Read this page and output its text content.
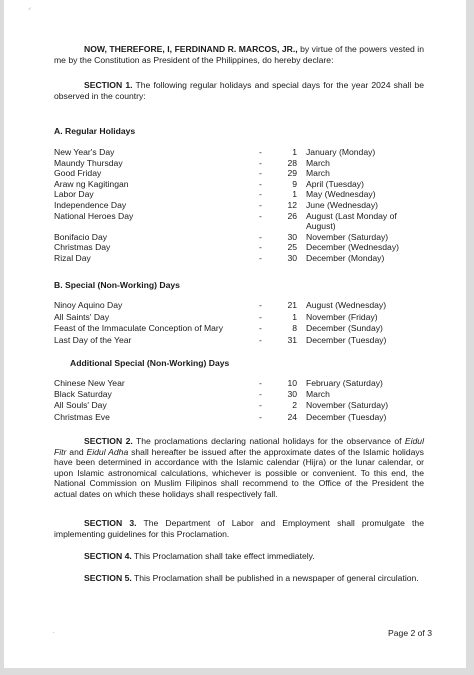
ᐟ
·

NOW, THEREFORE, I, FERDINAND R. MARCOS, JR., by virtue of the powers vested in me by the Constitution as President of the Philippines, do hereby declare:

SECTION 1. The following regular holidays and special days for the year 2024 shall be observed in the country:

A. Regular Holidays
New Year's Day	-	1 January (Monday)
Maundy Thursday	-	28 March
Good Friday	-	29 March
Araw ng Kagitingan	-	9 April (Tuesday)
Labor Day	-	1 May (Wednesday)
Independence Day	-	12 June (Wednesday)
National Heroes Day	-	26 August (Last Monday of
August)
Bonifacio Day	-	30 November (Saturday)
Christmas Day	-	25 December (Wednesday)
Rizal Day	-	30 December (Monday)
B. Special (Non-Working) Days
Ninoy Aquino Day	-	21 August (Wednesday)
All Saints' Day	-	1 November (Friday)
Feast of the Immaculate Conception of Mary	-	8 December (Sunday)
Last Day of the Year	-	31 December (Tuesday)
Additional Special (Non-Working) Days
Chinese New Year	-	10 February (Saturday)
Black Saturday	-	30 March
All Souls' Day	-	2 November (Saturday)
Christmas Eve	-	24 December (Tuesday)

SECTION 2. The proclamations declaring national holidays for the observance of Eidul Fitr and Eidul Adha shall hereafter be issued after the approximate dates of the Islamic holidays have been determined in accordance with the Islamic calendar (Hijra) or the lunar calendar, or upon Islamic astronomical calculations, whichever is possible or convenient. To this end, the National Commission on Muslim Filipinos shall recommend to the Office of the President the actual dates on which these holidays shall respectively fall.

SECTION 3. The Department of Labor and Employment shall promulgate the implementing guidelines for this Proclamation.

SECTION 4. This Proclamation shall take effect immediately.

SECTION 5. This Proclamation shall be published in a newspaper of general circulation.

Page 2 of 3
